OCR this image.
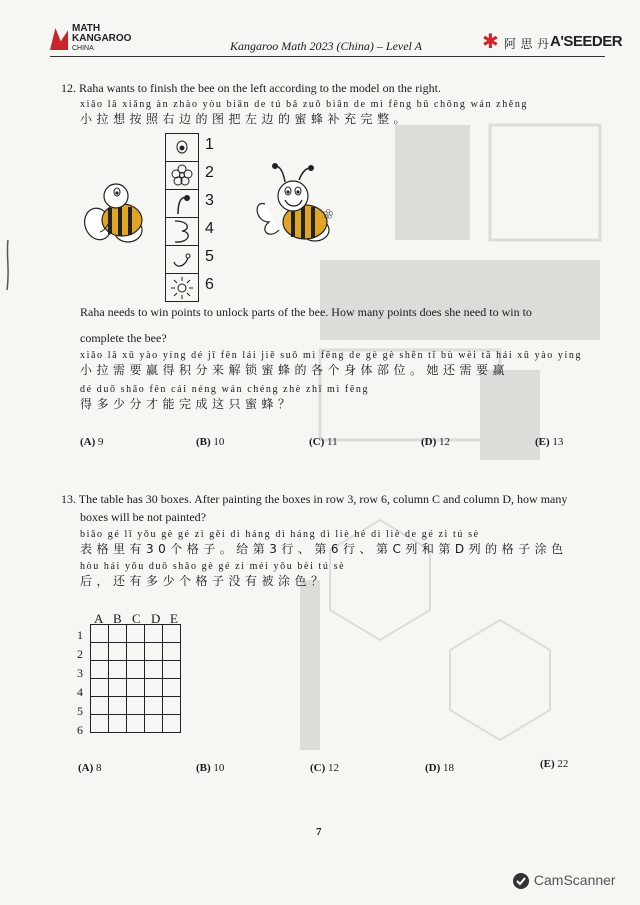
MATH
KANGAROO
CHINA	Kangaroo Math 2023 (China) – Level A	✱ 阿思丹
A'SEEDER
12. Raha wants to finish the bee on the left according to the model on the right.
xiǎo lā xiǎng àn zhào yòu biān de tú bǎ zuǒ biān de mì fēng bǔ chōng wán zhěng
小拉想按照右边的图把左边的蜜蜂补充完整。
1
2
3
4
5
6
Raha needs to win points to unlock parts of the bee. How many points does she need to win to
complete the bee?
xiǎo lā xū yào yíng dé jī fēn lái jiě suǒ mì fēng de gè gè shēn tǐ bù wèi tā hái xū yào yíng
小拉需要赢得积分来解锁蜜蜂的各个身体部位。她还需要赢
dé duō shǎo fēn cái néng wán chéng zhè zhī mì fēng
得多少分才能完成这只蜜蜂？
(A) 9	(B) 10	(C) 11	(D) 12	(E) 13
13. The table has 30 boxes. After painting the boxes in row 3, row 6, column C and column D, how many
boxes will be not painted?
biǎo gé lǐ yǒu gè gé zi gěi dì háng dì háng dì liè hé dì liè de gé zi tú sè
表格里有30个格子。给第3行、第6行、第C列和第D列的格子涂色
hòu hái yǒu duō shǎo gè gé zi méi yǒu bèi tú sè
后，还有多少个格子没有被涂色？
A B C D E
1
2
3
4
5
6

(A) 8	(B) 10	(C) 12	(D) 18	(E) 22
7
CamScanner
